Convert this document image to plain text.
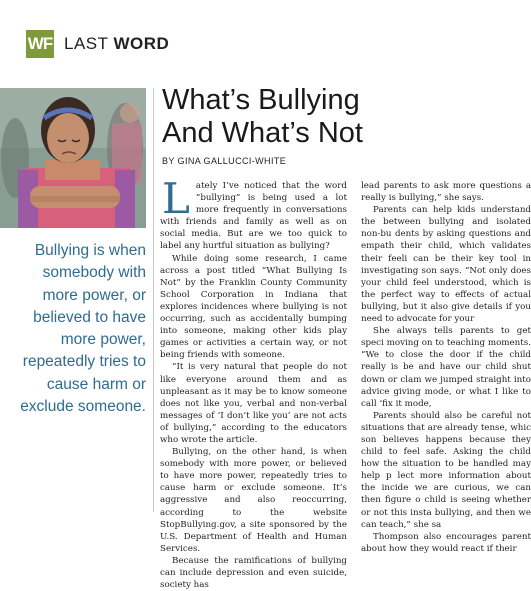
WF LAST WORD

Bullying is when somebody with more power, or believed to have more power, repeatedly tries to cause harm or exclude someone.

What’s Bullying
And What’s Not
BY GINA GALLUCCI-WHITE

Lately I’ve noticed that the word “bullying” is being used a lot more frequently in conversations with friends and family as well as on social media. But are we too quick to label any hurtful situation as bullying?

While doing some research, I came across a post titled “What Bullying Is Not” by the Franklin County Community School Corporation in Indiana that explores incidences where bullying is not occurring, such as accidentally bumping into someone, making other kids play games or activities a certain way, or not being friends with someone.

“It is very natural that people do not like everyone around them and as unpleasant as it may be to know someone does not like you, verbal and non-verbal messages of ‘I don’t like you’ are not acts of bullying,” according to the educators who wrote the article.

Bullying, on the other hand, is when somebody with more power, or believed to have more power, repeatedly tries to cause harm or exclude someone. It’s aggressive and also reoccurring, according to the website StopBullying.gov, a site sponsored by the U.S. Department of Health and Human Services.

Because the ramifications of bullying can include depression and even suicide, society has

lead parents to ask more questions a really is bullying,” she says.

Parents can help kids understand the between bullying and isolated non-bu dents by asking questions and empath their child, which validates their feeli can be their key tool in investigating son says. “Not only does your child feel understood, which is the perfect way to effects of actual bullying, but it also give details if you need to advocate for your

She always tells parents to get speci moving on to teaching moments. “We to close the door if the child really is be and have our child shut down or clam we jumped straight into advice giving mode, or what I like to call ‘fix it mode,

Parents should also be careful not situations that are already tense, whic son believes happens because they child to feel safe. Asking the child how the situation to be handled may help p lect more information about the incide we are curious, we can then figure o child is seeing whether or not this insta bullying, and then we can teach,” she sa

Thompson also encourages parent about how they would react if their
